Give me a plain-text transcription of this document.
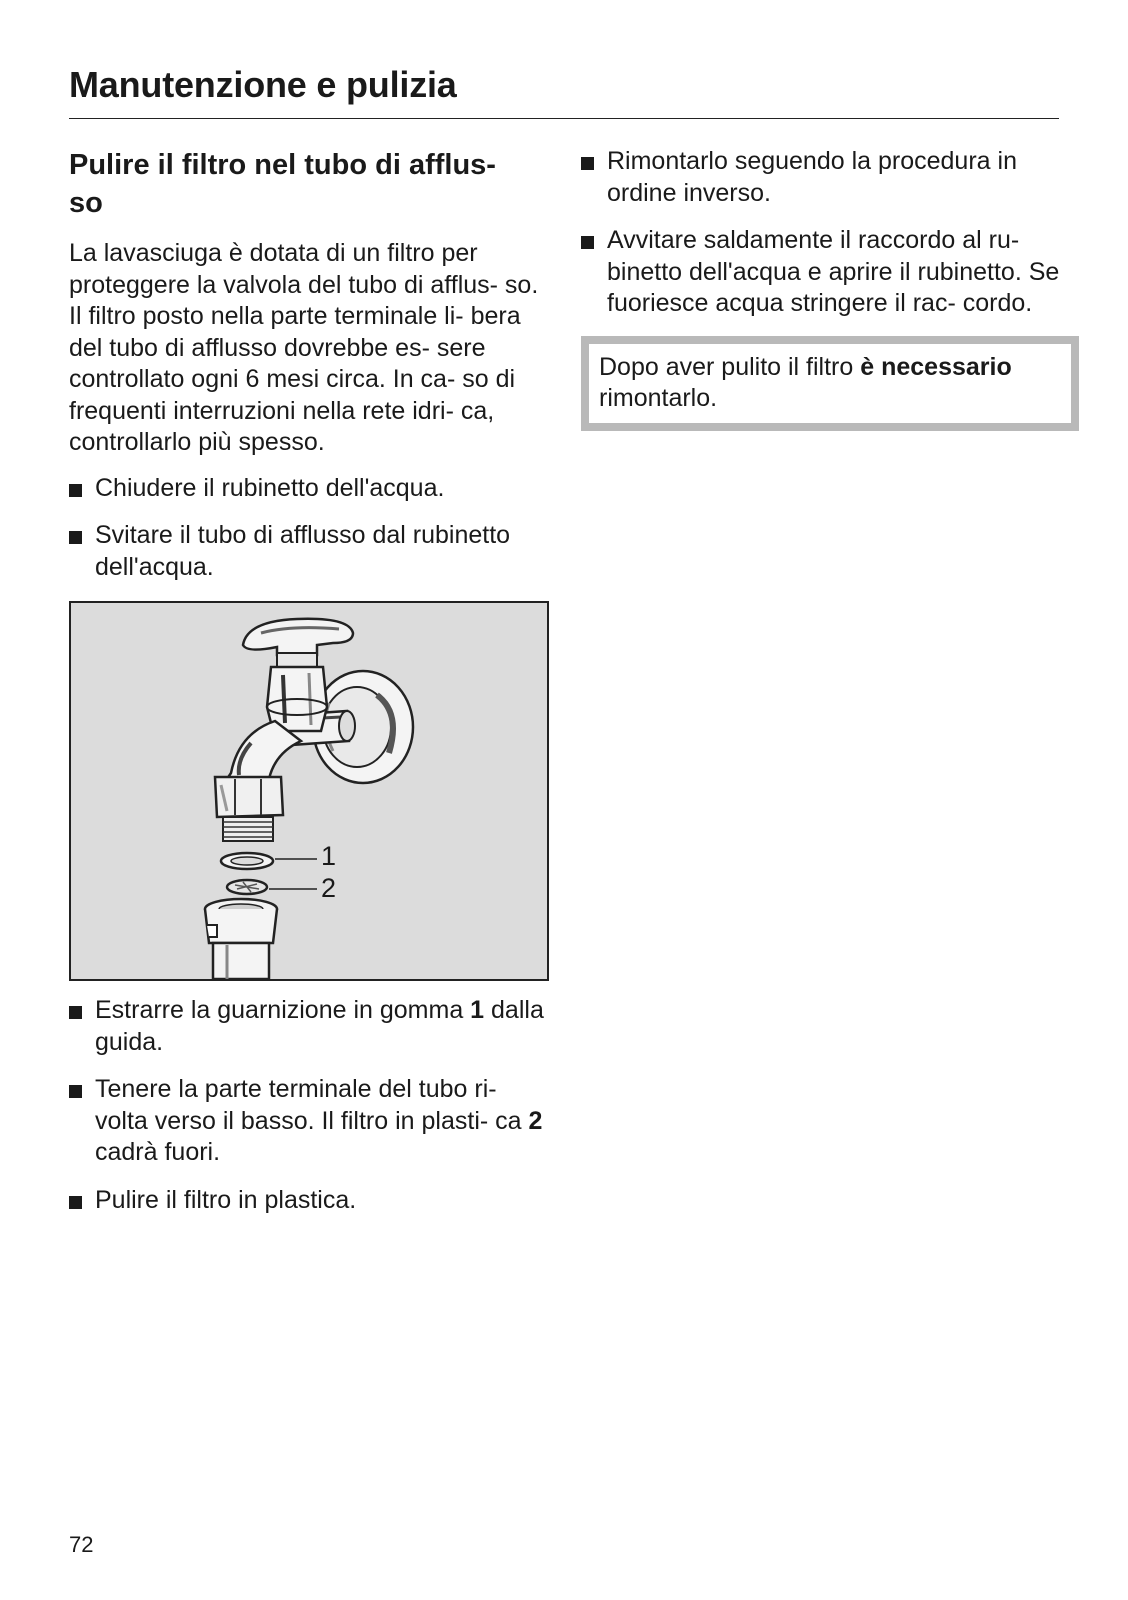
Manutenzione e pulizia
Pulire il filtro nel tubo di afflus-
so

La lavasciuga è dotata di un filtro per proteggere la valvola del tubo di afflus- so. Il filtro posto nella parte terminale li- bera del tubo di afflusso dovrebbe es- sere controllato ogni 6 mesi circa. In ca- so di frequenti interruzioni nella rete idri- ca, controllarlo più spesso.

Chiudere il rubinetto dell'acqua.
Svitare il tubo di afflusso dal rubinetto dell'acqua.
1
2
Estrarre la guarnizione in gomma 1 dalla guida.
Tenere la parte terminale del tubo ri- volta verso il basso. Il filtro in plasti- ca 2 cadrà fuori.
Pulire il filtro in plastica.
Rimontarlo seguendo la procedura in ordine inverso.
Avvitare saldamente il raccordo al ru- binetto dell'acqua e aprire il rubinetto. Se fuoriesce acqua stringere il rac- cordo.
Dopo aver pulito il filtro è necessario rimontarlo.
72
